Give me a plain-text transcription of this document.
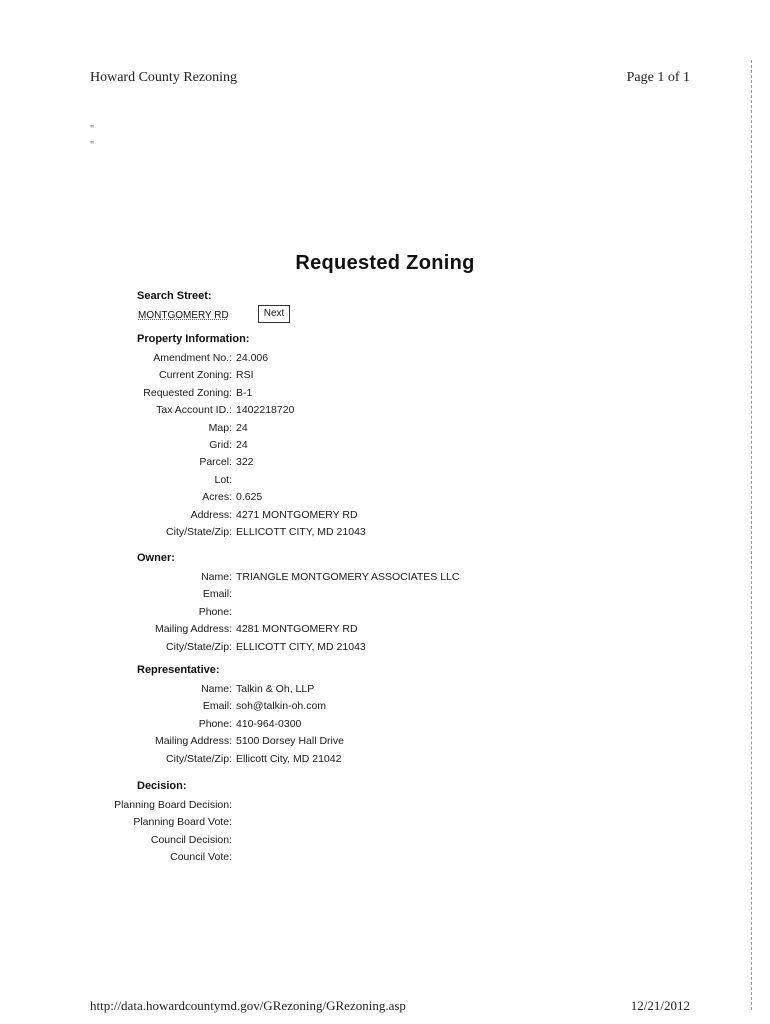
Howard County Rezoning	Page 1 of 1
"
"
Requested Zoning
Search Street:
MONTGOMERY RD	Next
Property Information:
Amendment No.: 24.006
Current Zoning: RSI
Requested Zoning: B-1
Tax Account ID.: 1402218720
Map: 24
Grid: 24
Parcel: 322
Lot:
Acres: 0.625
Address: 4271 MONTGOMERY RD
City/State/Zip: ELLICOTT CITY, MD 21043
Owner:
Name: TRIANGLE MONTGOMERY ASSOCIATES LLC
Email:
Phone:
Mailing Address: 4281 MONTGOMERY RD
City/State/Zip: ELLICOTT CITY, MD 21043
Representative:
Name: Talkin & Oh, LLP
Email: soh@talkin-oh.com
Phone: 410-964-0300
Mailing Address: 5100 Dorsey Hall Drive
City/State/Zip: Ellicott City, MD 21042
Decision:
Planning Board Decision:
Planning Board Vote:
Council Decision:
Council Vote:
http://data.howardcountymd.gov/GRezoning/GRezoning.asp	12/21/2012
